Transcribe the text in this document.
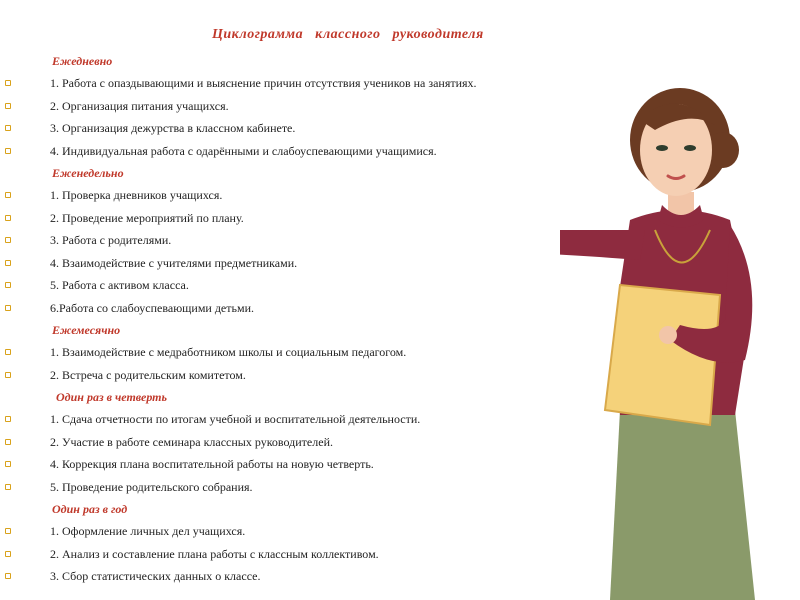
Циклограмма классного руководителя
Ежедневно
1. Работа с опаздывающими и выяснение причин отсутствия учеников на занятиях.
2. Организация питания учащихся.
3. Организация дежурства в классном кабинете.
4. Индивидуальная работа с одарёнными и слабоуспевающими учащимися.
Еженедельно
1. Проверка дневников учащихся.
2. Проведение мероприятий по плану.
3. Работа с родителями.
4. Взаимодействие с учителями предметниками.
5. Работа с активом класса.
6.Работа со слабоуспевающими детьми.
Ежемесячно
1. Взаимодействие с медработником школы и социальным педагогом.
2. Встреча с родительским комитетом.
Один раз в четверть
1. Сдача отчетности по итогам учебной и воспитательной деятельности.
2. Участие в работе семинара классных руководителей.
4. Коррекция плана воспитательной работы на новую четверть.
5. Проведение родительского собрания.
Один раз в год
1. Оформление личных дел учащихся.
2. Анализ и составление плана работы с классным коллективом.
3. Сбор статистических данных о классе.
